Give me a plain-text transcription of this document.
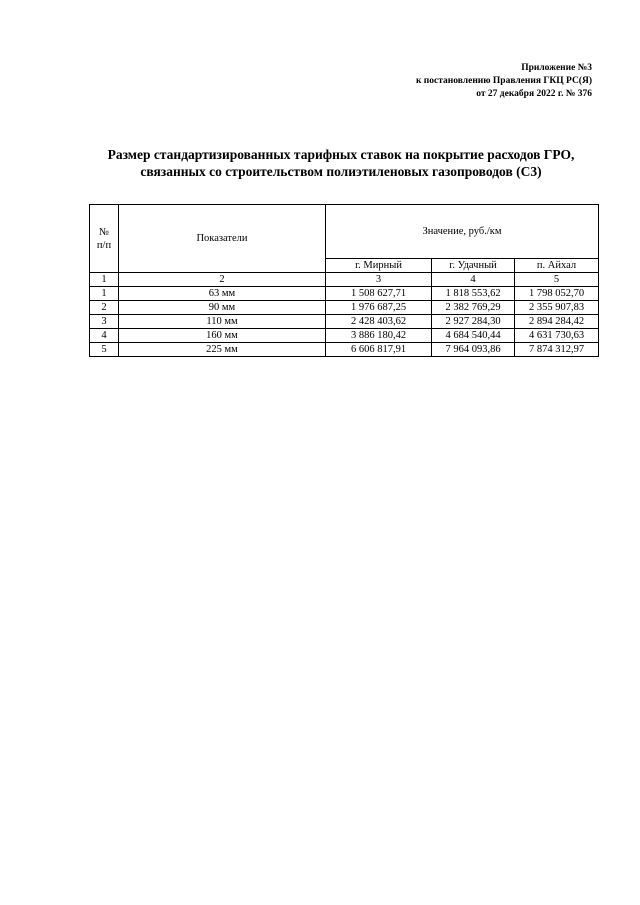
Приложение №3
к постановлению Правления ГКЦ РС(Я)
от 27 декабря 2022 г. № 376
Размер стандартизированных тарифных ставок на покрытие расходов ГРО,
связанных со строительством полиэтиленовых газопроводов (С3)
№
п/п	Показатели	Значение, руб./км		
		г. Мирный	г. Удачный	п. Айхал
1	2	3	4	5
1	63 мм	1 508 627,71	1 818 553,62	1 798 052,70
2	90 мм	1 976 687,25	2 382 769,29	2 355 907,83
3	110 мм	2 428 403,62	2 927 284,30	2 894 284,42
4	160 мм	3 886 180,42	4 684 540,44	4 631 730,63
5	225 мм	6 606 817,91	7 964 093,86	7 874 312,97
